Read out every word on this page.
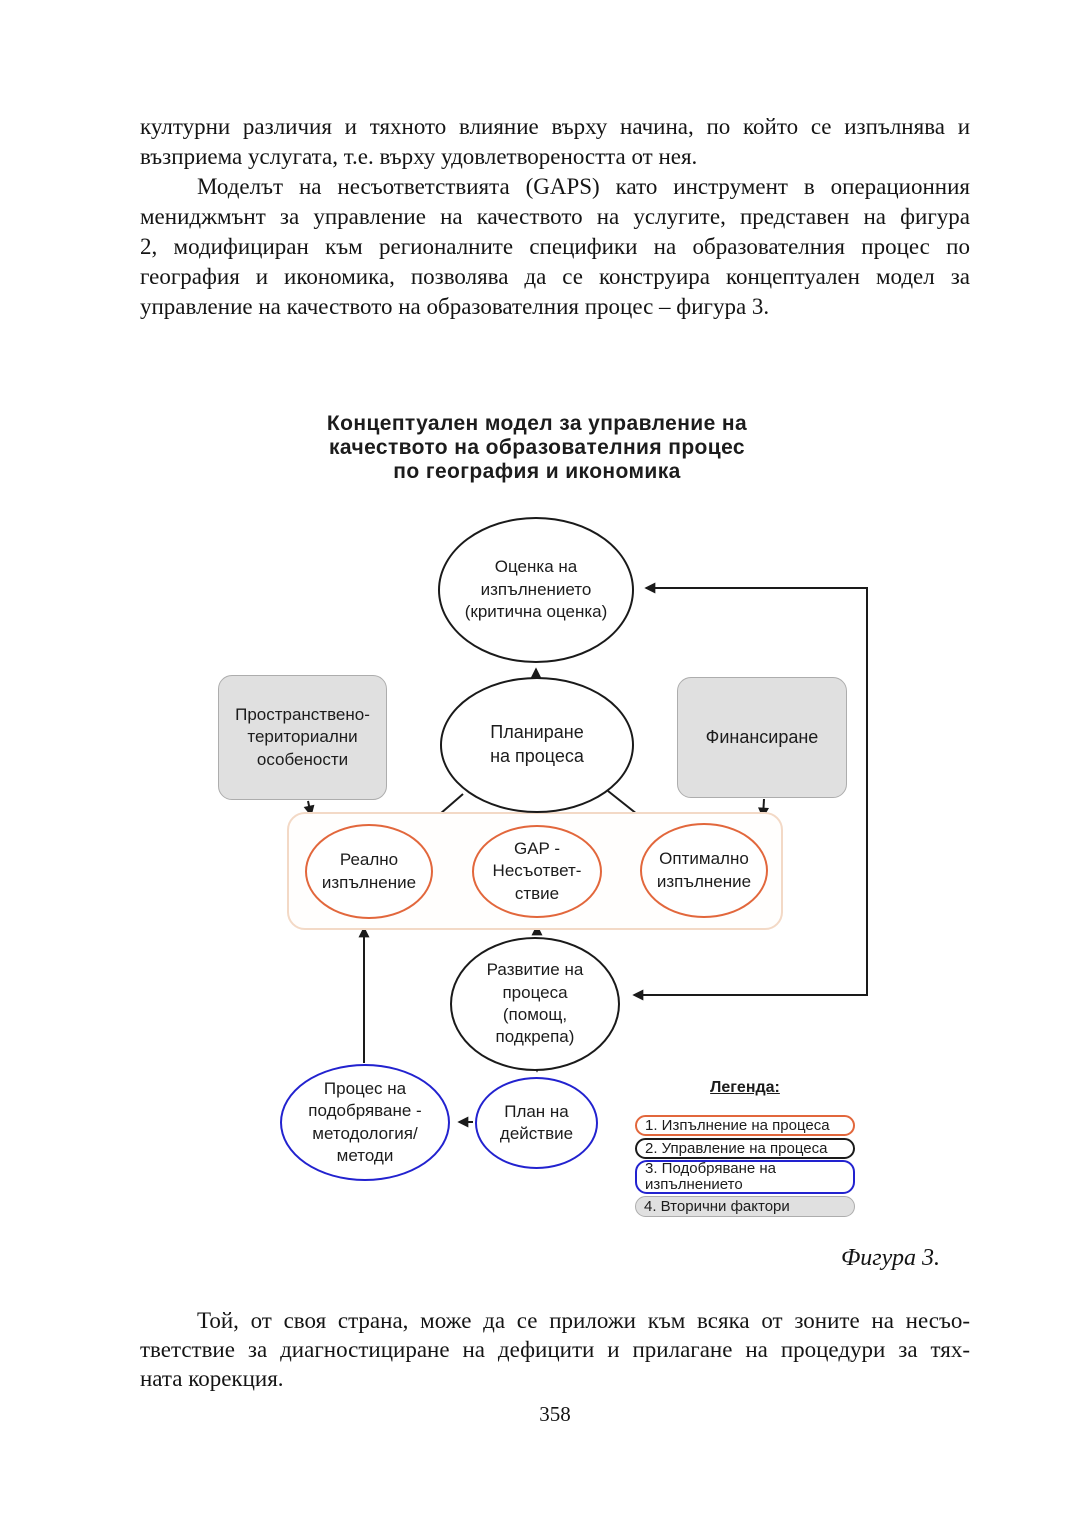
културни различия и тяхното влияние върху начина, по който се изпълнява и
възприема услугата, т.е. върху удовлетвореността от нея.
Моделът на несъответствията (GAPS) като инструмент в операционния
мениджмънт за управление на качеството на услугите, представен на фигура
2, модифициран към регионалните специфики на образователния процес по
география и икономика, позволява да се конструира концептуален модел за
управление на качеството на образователния процес – фигура 3.
Концептуален модел за управление на
качеството на образователния процес
по география и икономика
Пространствено-
териториални
особености
Финансиране
Оценка на
изпълнението
(критична оценка)
Планиране
на процеса
Реално
изпълнение
GAP -
Несъответ-
ствие
Оптимално
изпълнение
Развитие на
процеса
(помощ,
подкрепа)
Процес на
подобряване -
методология/
методи
План на
действие
Легенда:
1. Изпълнение на процеса
2. Управление на процеса
3. Подобряване на
изпълнението
4. Вторични фактори
Фигура 3.
Той, от своя страна, може да се приложи към всяка от зоните на несъо-
тветствие за диагностициране на дефицити и прилагане на процедури за тях-
ната корекция.
358
